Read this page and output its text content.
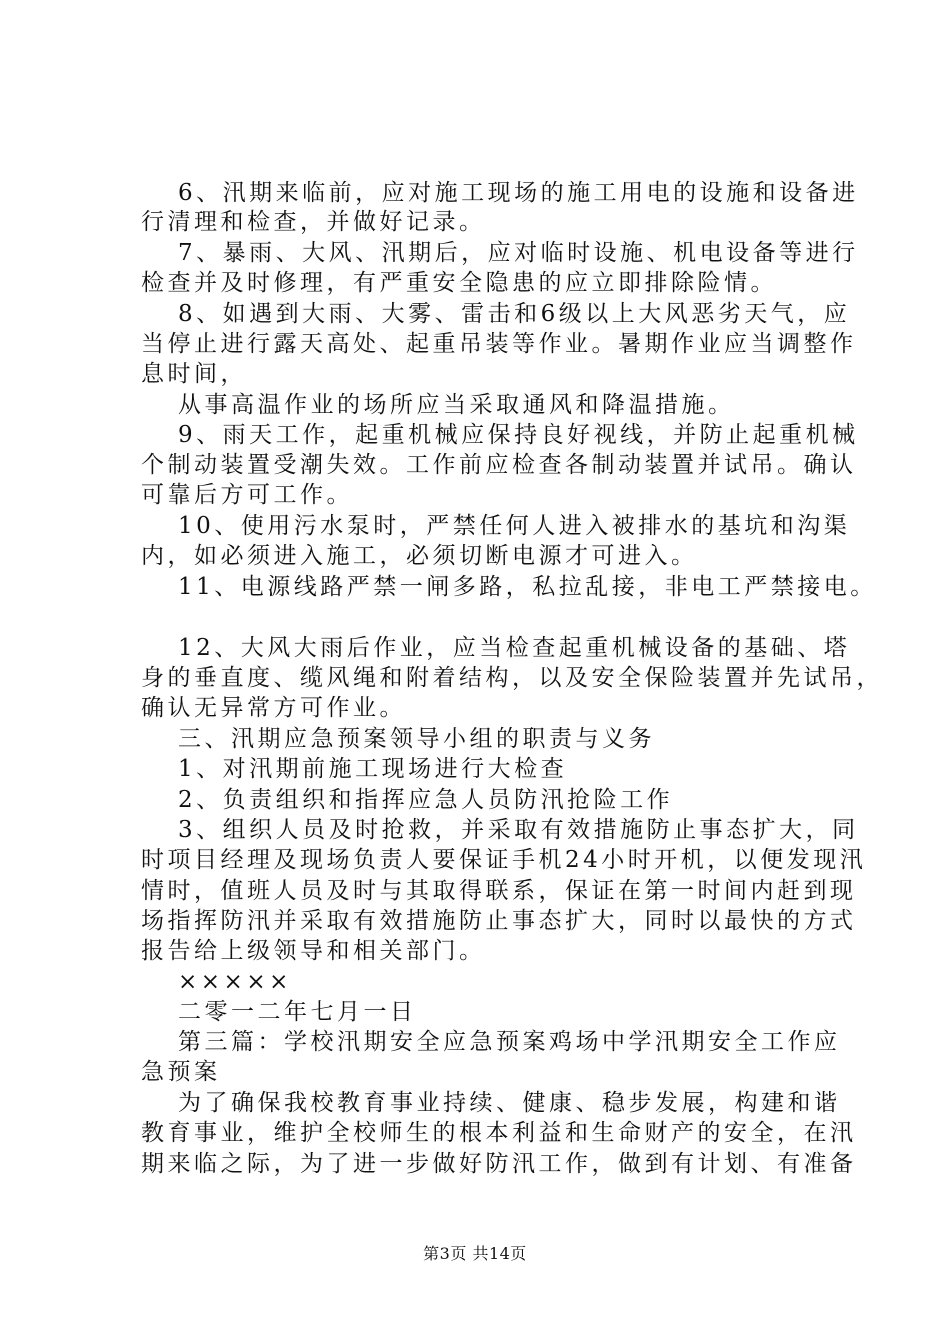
6、汛期来临前，应对施工现场的施工用电的设施和设备进
行清理和检查，并做好记录。
7、暴雨、大风、汛期后，应对临时设施、机电设备等进行
检查并及时修理，有严重安全隐患的应立即排除险情。
8、如遇到大雨、大雾、雷击和6级以上大风恶劣天气，应
当停止进行露天高处、起重吊装等作业。暑期作业应当调整作
息时间，
从事高温作业的场所应当采取通风和降温措施。
9、雨天工作，起重机械应保持良好视线，并防止起重机械
个制动装置受潮失效。工作前应检查各制动装置并试吊。确认
可靠后方可工作。
10、使用污水泵时，严禁任何人进入被排水的基坑和沟渠
内，如必须进入施工，必须切断电源才可进入。
11、电源线路严禁一闸多路，私拉乱接，非电工严禁接电。
12、大风大雨后作业，应当检查起重机械设备的基础、塔
身的垂直度、缆风绳和附着结构，以及安全保险装置并先试吊，
确认无异常方可作业。
三、汛期应急预案领导小组的职责与义务
1、对汛期前施工现场进行大检查
2、负责组织和指挥应急人员防汛抢险工作
3、组织人员及时抢救，并采取有效措施防止事态扩大，同
时项目经理及现场负责人要保证手机24小时开机，以便发现汛
情时，值班人员及时与其取得联系，保证在第一时间内赶到现
场指挥防汛并采取有效措施防止事态扩大，同时以最快的方式
报告给上级领导和相关部门。
×××××
二零一二年七月一日
第三篇：学校汛期安全应急预案鸡场中学汛期安全工作应
急预案
为了确保我校教育事业持续、健康、稳步发展，构建和谐
教育事业，维护全校师生的根本利益和生命财产的安全，在汛
期来临之际，为了进一步做好防汛工作，做到有计划、有准备
第3页 共14页
